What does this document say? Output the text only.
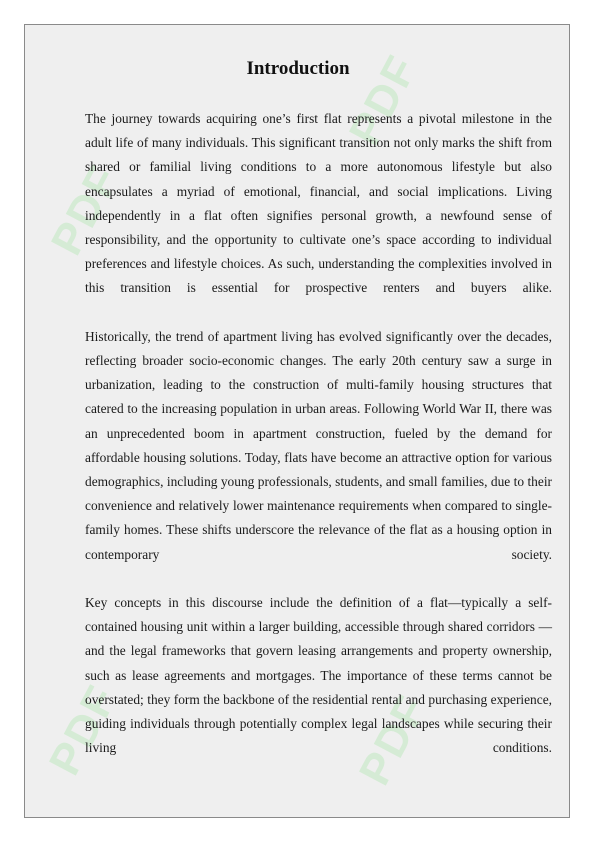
PDF
PDF
PDF
PDF
Introduction

The journey towards acquiring one’s first flat represents a pivotal milestone in the adult life of many individuals. This significant transition not only marks the shift from shared or familial living conditions to a more autonomous lifestyle but also encapsulates a myriad of emotional, financial, and social implications. Living independently in a flat often signifies personal growth, a newfound sense of responsibility, and the opportunity to cultivate one’s space according to individual preferences and lifestyle choices. As such, understanding the complexities involved in this transition is essential for prospective renters and buyers alike.

Historically, the trend of apartment living has evolved significantly over the decades, reflecting broader socio-economic changes. The early 20th century saw a surge in urbanization, leading to the construction of multi-family housing structures that catered to the increasing population in urban areas. Following World War II, there was an unprecedented boom in apartment construction, fueled by the demand for affordable housing solutions. Today, flats have become an attractive option for various demographics, including young professionals, students, and small families, due to their convenience and relatively lower maintenance requirements when compared to single-family homes. These shifts underscore the relevance of the flat as a housing option in contemporary society.

Key concepts in this discourse include the definition of a flat—typically a self-contained housing unit within a larger building, accessible through shared corridors —and the legal frameworks that govern leasing arrangements and property ownership, such as lease agreements and mortgages. The importance of these terms cannot be overstated; they form the backbone of the residential rental and purchasing experience, guiding individuals through potentially complex legal landscapes while securing their living conditions.
